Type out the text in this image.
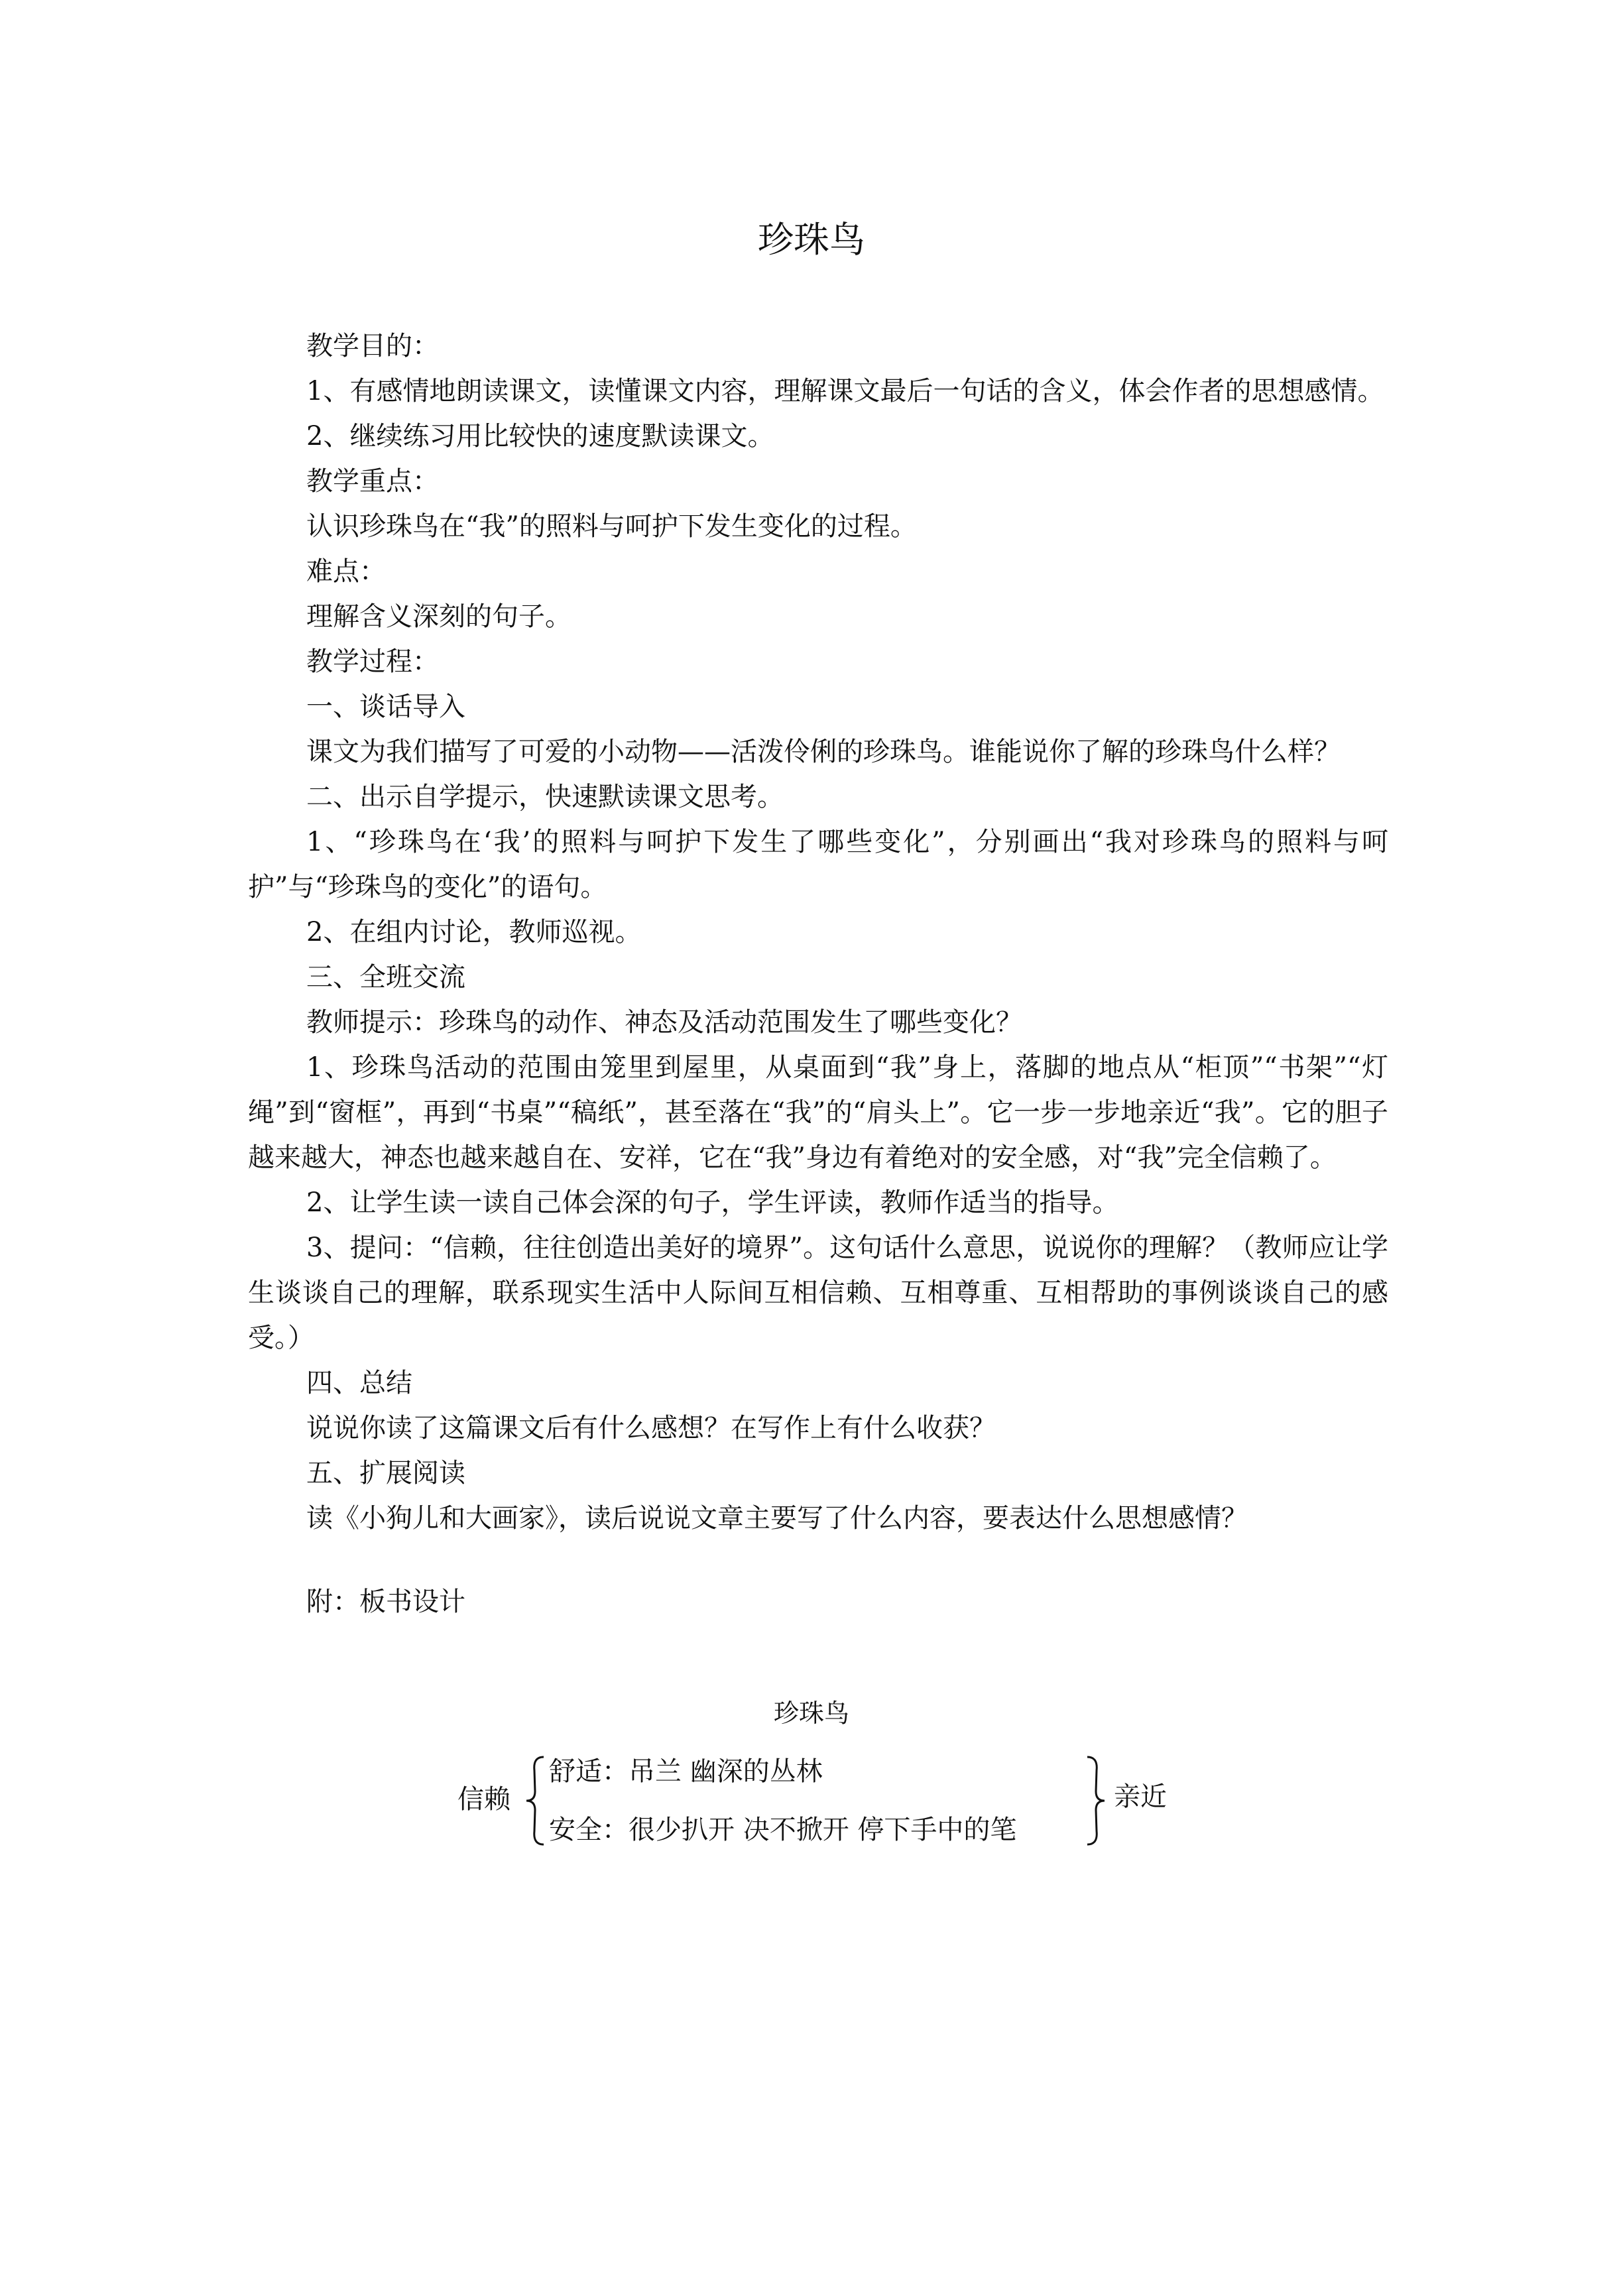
珍珠鸟

教学目的：

1、有感情地朗读课文，读懂课文内容，理解课文最后一句话的含义，体会作者的思想感情。

2、继续练习用比较快的速度默读课文。

教学重点：

认识珍珠鸟在“我”的照料与呵护下发生变化的过程。

难点：

理解含义深刻的句子。

教学过程：

一、谈话导入

课文为我们描写了可爱的小动物——活泼伶俐的珍珠鸟。谁能说你了解的珍珠鸟什么样？

二、出示自学提示，快速默读课文思考。

1、“珍珠鸟在‘我’的照料与呵护下发生了哪些变化”，分别画出“我对珍珠鸟的照料与呵护”与“珍珠鸟的变化”的语句。

2、在组内讨论，教师巡视。

三、全班交流

教师提示：珍珠鸟的动作、神态及活动范围发生了哪些变化？

1、珍珠鸟活动的范围由笼里到屋里，从桌面到“我”身上，落脚的地点从“柜顶”“书架”“灯绳”到“窗框”，再到“书桌”“稿纸”，甚至落在“我”的“肩头上”。它一步一步地亲近“我”。它的胆子越来越大，神态也越来越自在、安祥，它在“我”身边有着绝对的安全感，对“我”完全信赖了。

2、让学生读一读自己体会深的句子，学生评读，教师作适当的指导。

3、提问：“信赖，往往创造出美好的境界”。这句话什么意思，说说你的理解？（教师应让学生谈谈自己的理解，联系现实生活中人际间互相信赖、互相尊重、互相帮助的事例谈谈自己的感受。）

四、总结

说说你读了这篇课文后有什么感想？在写作上有什么收获？

五、扩展阅读

读《小狗儿和大画家》，读后说说文章主要写了什么内容，要表达什么思想感情？

附：板书设计

珍珠鸟
信赖
舒适：吊兰 幽深的丛林
安全：很少扒开 决不掀开 停下手中的笔
亲近
